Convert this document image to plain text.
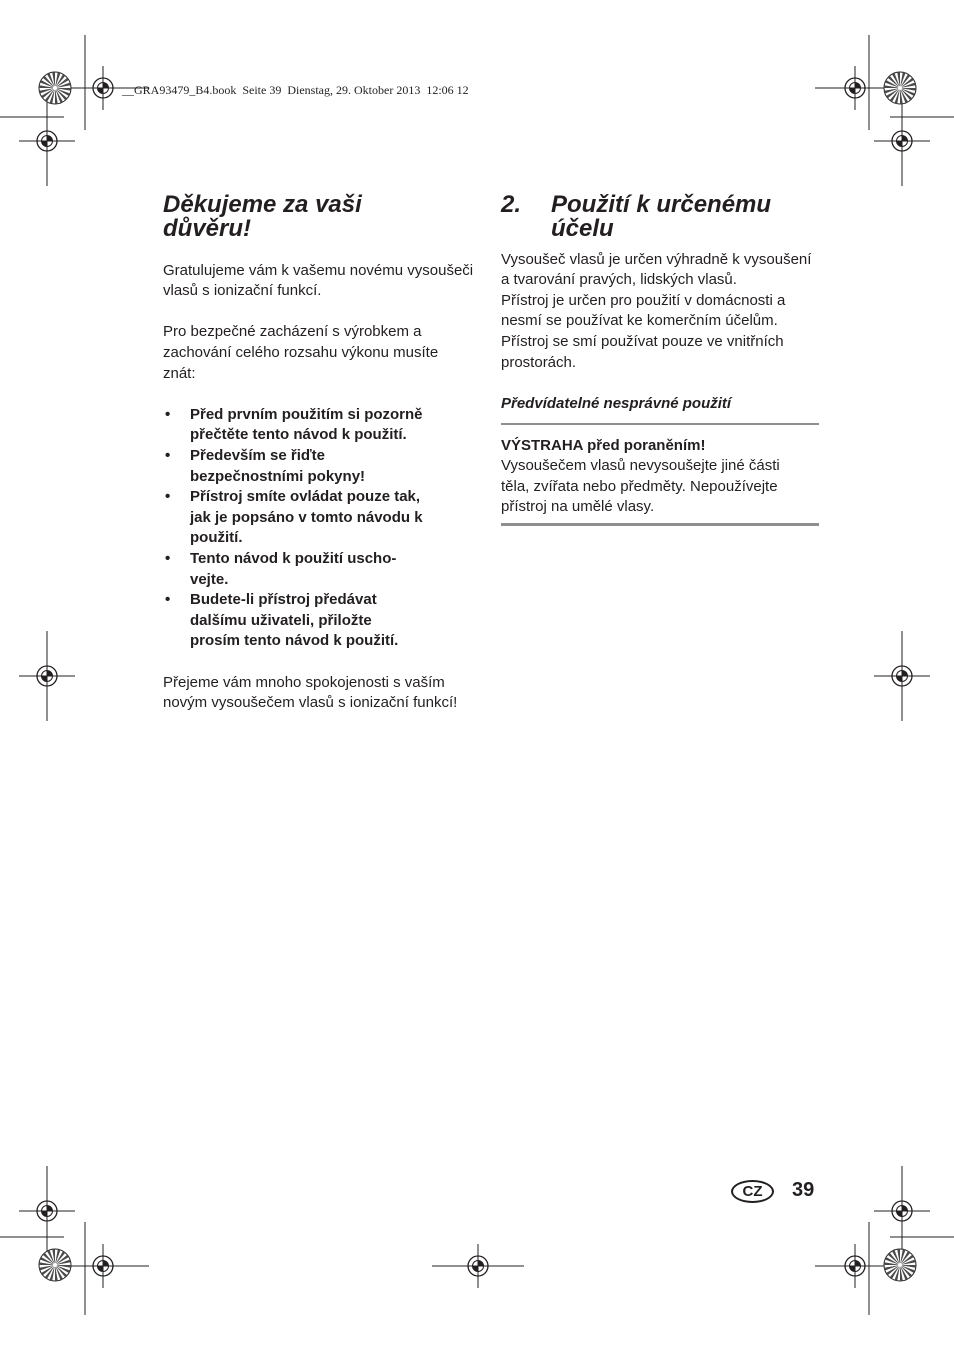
__GRA93479_B4.book  Seite 39  Dienstag, 29. Oktober 2013  12:06 12
Děkujeme za vaši
důvěru!
Gratulujeme vám k vašemu novému vysoušeči
vlasů s ionizační funkcí.
Pro bezpečné zacházení s výrobkem a
zachování celého rozsahu výkonu musíte
znát:
• Před prvním použitím si pozorně
přečtěte tento návod k použití.
• Především se řiďte
bezpečnostními pokyny!
• Přístroj smíte ovládat pouze tak,
jak je popsáno v tomto návodu k
použití.
• Tento návod k použití uscho-
vejte.
• Budete-li přístroj předávat
dalšímu uživateli, přiložte
prosím tento návod k použití.
Přejeme vám mnoho spokojenosti s vaším
novým vysoušečem vlasů s ionizační funkcí!
2. Použití k určenému
účelu
Vysoušeč vlasů je určen výhradně k vysoušení
a tvarování pravých, lidských vlasů.
Přístroj je určen pro použití v domácnosti a
nesmí se používat ke komerčním účelům.
Přístroj se smí používat pouze ve vnitřních
prostorách.
Předvídatelné nesprávné použití
VÝSTRAHA před poraněním!
Vysoušečem vlasů nevysoušejte jiné části
těla, zvířata nebo předměty. Nepoužívejte
přístroj na umělé vlasy.
CZ	39
